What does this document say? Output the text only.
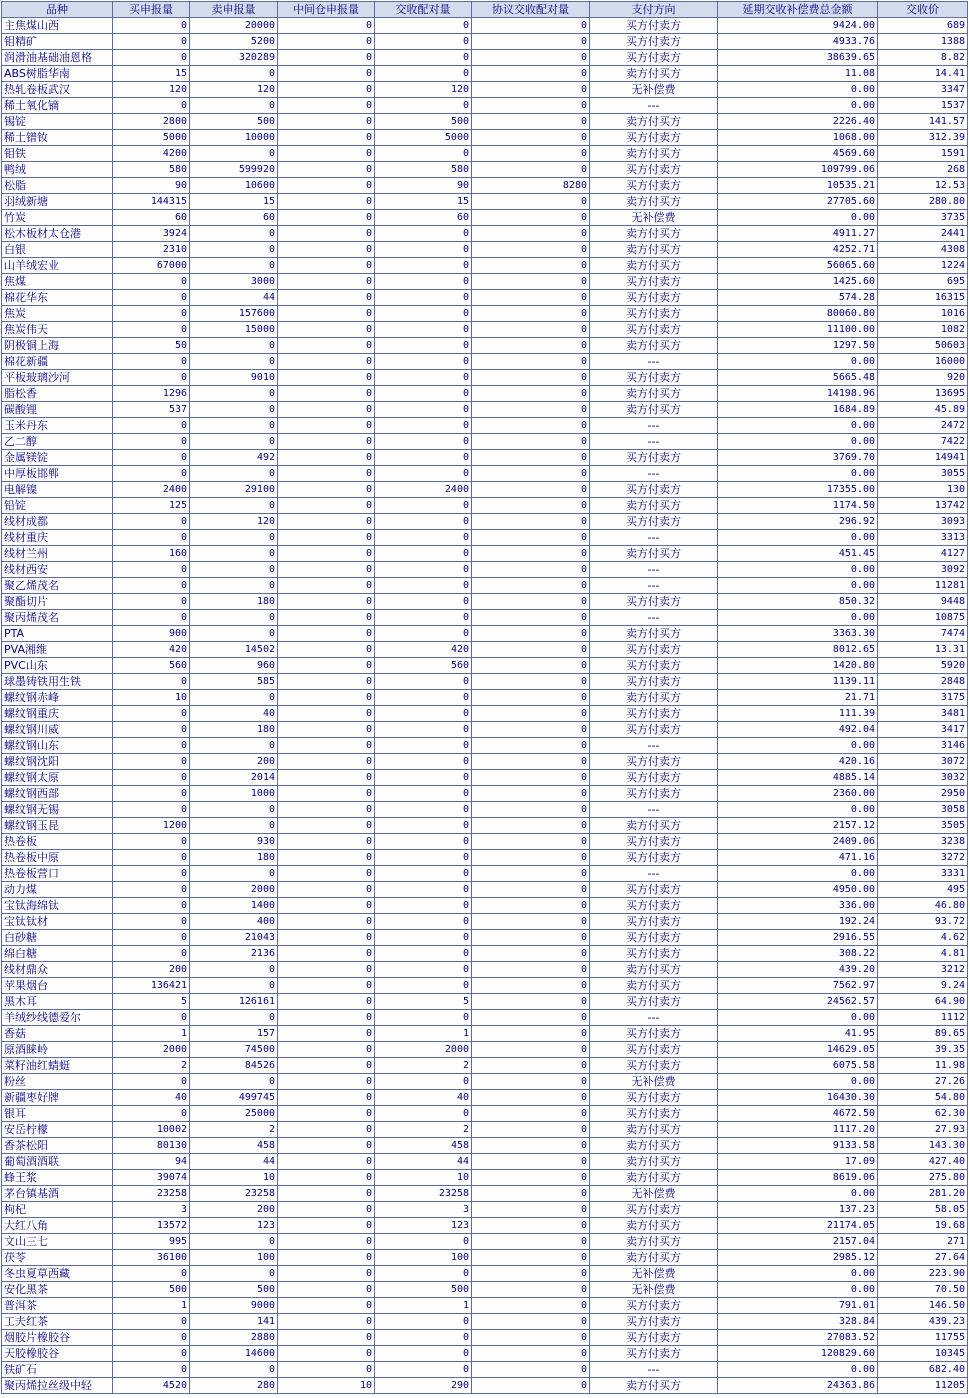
品种	买申报量	卖申报量	中间仓申报量	交收配对量	协议交收配对量	支付方向	延期交收补偿费总金额	交收价
主焦煤山西	0	20000	0	0	0	买方付卖方	9424.00	689
钼精矿	0	5200	0	0	0	买方付卖方	4933.76	1388
润滑油基础油恩格	0	320289	0	0	0	买方付卖方	38639.65	8.82
ABS树脂华南	15	0	0	0	0	卖方付买方	11.08	14.41
热轧卷板武汉	120	120	0	120	0	无补偿费	0.00	3347
稀土氧化镝	0	0	0	0	0	---	0.00	1537
锡锭	2800	500	0	500	0	卖方付买方	2226.40	141.57
稀土镨钕	5000	10000	0	5000	0	买方付卖方	1068.00	312.39
钼铁	4200	0	0	0	0	卖方付买方	4569.60	1591
鸭绒	580	599920	0	580	0	买方付卖方	109799.06	268
松脂	90	10600	0	90	8280	买方付卖方	10535.21	12.53
羽绒新塘	144315	15	0	15	0	卖方付买方	27705.60	280.80
竹炭	60	60	0	60	0	无补偿费	0.00	3735
松木板材太仓港	3924	0	0	0	0	卖方付买方	4911.27	2441
白银	2310	0	0	0	0	卖方付买方	4252.71	4308
山羊绒宏业	67000	0	0	0	0	卖方付买方	56065.60	1224
焦煤	0	3000	0	0	0	买方付卖方	1425.60	695
棉花华东	0	44	0	0	0	买方付卖方	574.28	16315
焦炭	0	157600	0	0	0	买方付卖方	80060.80	1016
焦炭伟天	0	15000	0	0	0	买方付卖方	11100.00	1082
阴极铜上海	50	0	0	0	0	卖方付买方	1297.50	50603
棉花新疆	0	0	0	0	0	---	0.00	16000
平板玻璃沙河	0	9010	0	0	0	买方付卖方	5665.48	920
脂松香	1296	0	0	0	0	卖方付买方	14198.96	13695
碳酸锂	537	0	0	0	0	卖方付买方	1684.89	45.89
玉米丹东	0	0	0	0	0	---	0.00	2472
乙二醇	0	0	0	0	0	---	0.00	7422
金属镁锭	0	492	0	0	0	买方付卖方	3769.70	14941
中厚板邯郸	0	0	0	0	0	---	0.00	3055
电解镍	2400	29100	0	2400	0	买方付卖方	17355.00	130
铅锭	125	0	0	0	0	卖方付买方	1174.50	13742
线材成都	0	120	0	0	0	买方付卖方	296.92	3093
线材重庆	0	0	0	0	0	---	0.00	3313
线材兰州	160	0	0	0	0	卖方付买方	451.45	4127
线材西安	0	0	0	0	0	---	0.00	3092
聚乙烯茂名	0	0	0	0	0	---	0.00	11281
聚酯切片	0	180	0	0	0	买方付卖方	850.32	9448
聚丙烯茂名	0	0	0	0	0	---	0.00	10875
PTA	900	0	0	0	0	卖方付买方	3363.30	7474
PVA湘维	420	14502	0	420	0	买方付卖方	8012.65	13.31
PVC山东	560	960	0	560	0	买方付卖方	1420.80	5920
球墨铸铁用生铁	0	585	0	0	0	买方付卖方	1139.11	2848
螺纹钢赤峰	10	0	0	0	0	卖方付买方	21.71	3175
螺纹钢重庆	0	40	0	0	0	买方付卖方	111.39	3481
螺纹钢川威	0	180	0	0	0	买方付卖方	492.04	3417
螺纹钢山东	0	0	0	0	0	---	0.00	3146
螺纹钢沈阳	0	200	0	0	0	买方付卖方	420.16	3072
螺纹钢太原	0	2014	0	0	0	买方付卖方	4885.14	3032
螺纹钢西部	0	1000	0	0	0	买方付卖方	2360.00	2950
螺纹钢无锡	0	0	0	0	0	---	0.00	3058
螺纹钢玉昆	1200	0	0	0	0	卖方付买方	2157.12	3505
热卷板	0	930	0	0	0	买方付卖方	2409.06	3238
热卷板中原	0	180	0	0	0	买方付卖方	471.16	3272
热卷板营口	0	0	0	0	0	---	0.00	3331
动力煤	0	2000	0	0	0	买方付卖方	4950.00	495
宝钛海绵钛	0	1400	0	0	0	买方付卖方	336.00	46.80
宝钛钛材	0	400	0	0	0	买方付卖方	192.24	93.72
白砂糖	0	21043	0	0	0	买方付卖方	2916.55	4.62
绵白糖	0	2136	0	0	0	买方付卖方	308.22	4.81
线材鼎众	200	0	0	0	0	卖方付买方	439.20	3212
苹果烟台	136421	0	0	0	0	卖方付买方	7562.97	9.24
黑木耳	5	126161	0	5	0	买方付卖方	24562.57	64.90
羊绒纱线德爱尔	0	0	0	0	0	---	0.00	1112
香菇	1	157	0	1	0	买方付卖方	41.95	89.65
原酒睐岭	2000	74500	0	2000	0	买方付卖方	14629.05	39.35
菜籽油红蜻蜓	2	84526	0	2	0	买方付卖方	6075.58	11.98
粉丝	0	0	0	0	0	无补偿费	0.00	27.26
新疆枣好牌	40	499745	0	40	0	买方付卖方	16430.30	54.80
银耳	0	25000	0	0	0	买方付卖方	4672.50	62.30
安岳柠檬	10002	2	0	2	0	卖方付买方	1117.20	27.93
香茶松阳	80130	458	0	458	0	卖方付买方	9133.58	143.30
葡萄酒酒联	94	44	0	44	0	卖方付买方	17.09	427.40
蜂王浆	39074	10	0	10	0	卖方付买方	8619.06	275.80
茅台镇基酒	23258	23258	0	23258	0	无补偿费	0.00	281.20
枸杞	3	200	0	3	0	买方付卖方	137.23	58.05
大红八角	13572	123	0	123	0	卖方付买方	21174.05	19.68
文山三七	995	0	0	0	0	卖方付买方	2157.04	271
茯苓	36100	100	0	100	0	卖方付买方	2985.12	27.64
冬虫夏草西藏	0	0	0	0	0	无补偿费	0.00	223.90
安化黑茶	500	500	0	500	0	无补偿费	0.00	70.50
普洱茶	1	9000	0	1	0	买方付卖方	791.01	146.50
工夫红茶	0	141	0	0	0	买方付卖方	328.84	439.23
烟胶片橡胶谷	0	2880	0	0	0	买方付卖方	27083.52	11755
天胶橡胶谷	0	14600	0	0	0	买方付卖方	120829.60	10345
铁矿石	0	0	0	0	0	---	0.00	682.40
聚丙烯拉丝级中轻	4520	280	10	290	0	卖方付买方	24363.86	11205
